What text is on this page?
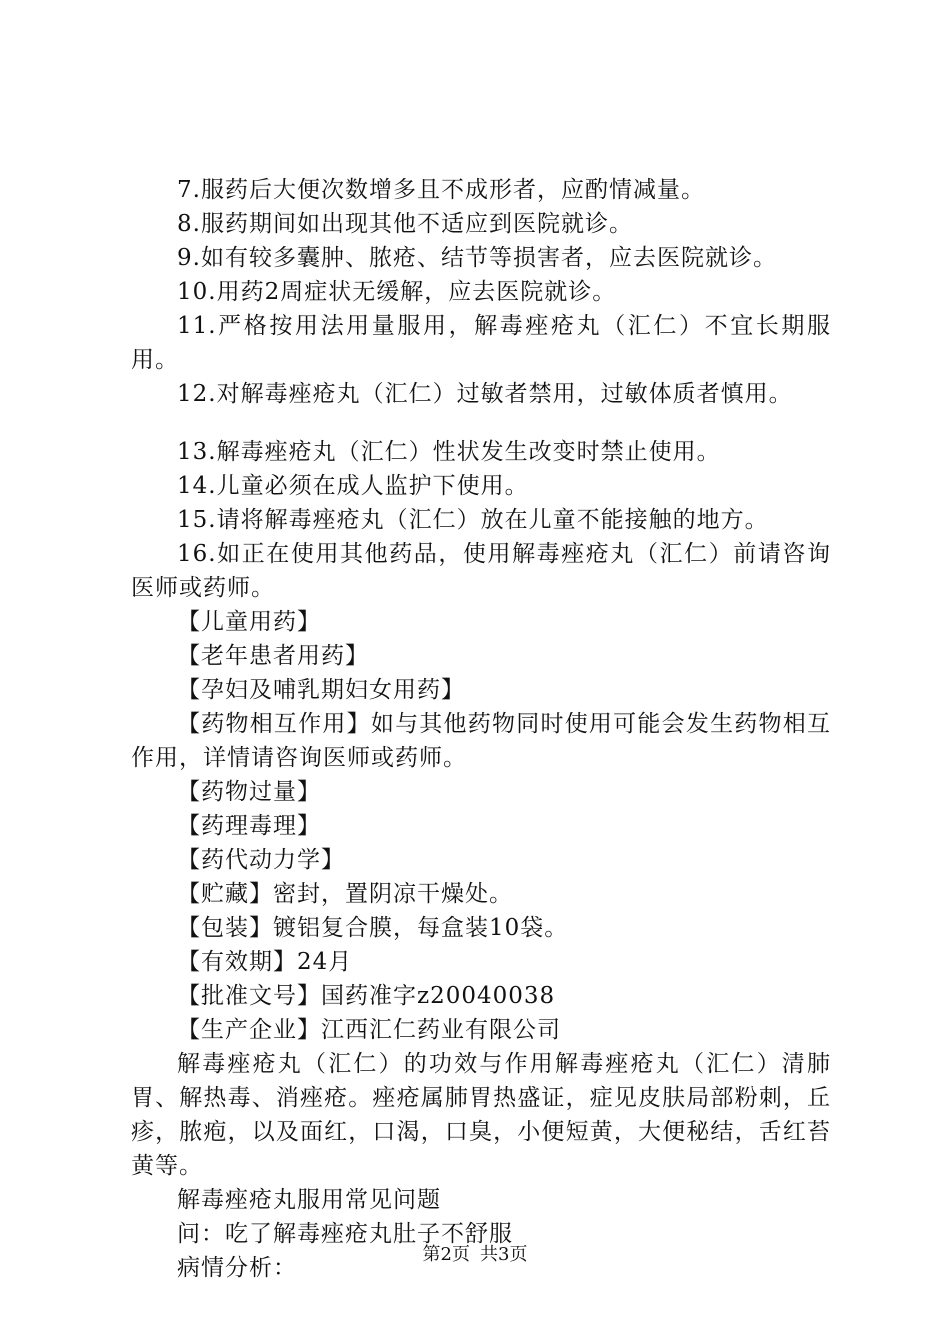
7.服药后大便次数增多且不成形者，应酌情减量。

8.服药期间如出现其他不适应到医院就诊。

9.如有较多囊肿、脓疮、结节等损害者，应去医院就诊。

10.用药2周症状无缓解，应去医院就诊。

11.严格按用法用量服用，解毒痤疮丸（汇仁）不宜长期服用。

12.对解毒痤疮丸（汇仁）过敏者禁用，过敏体质者慎用。

13.解毒痤疮丸（汇仁）性状发生改变时禁止使用。

14.儿童必须在成人监护下使用。

15.请将解毒痤疮丸（汇仁）放在儿童不能接触的地方。

16.如正在使用其他药品，使用解毒痤疮丸（汇仁）前请咨询医师或药师。

【儿童用药】

【老年患者用药】

【孕妇及哺乳期妇女用药】

【药物相互作用】如与其他药物同时使用可能会发生药物相互作用，详情请咨询医师或药师。

【药物过量】

【药理毒理】

【药代动力学】

【贮藏】密封，置阴凉干燥处。

【包装】镀铝复合膜，每盒装10袋。

【有效期】24月

【批准文号】国药准字z20040038

【生产企业】江西汇仁药业有限公司

解毒痤疮丸（汇仁）的功效与作用解毒痤疮丸（汇仁）清肺胃、解热毒、消痤疮。痤疮属肺胃热盛证，症见皮肤局部粉刺，丘疹，脓疱，以及面红，口渴，口臭，小便短黄，大便秘结，舌红苔黄等。

解毒痤疮丸服用常见问题

问：吃了解毒痤疮丸肚子不舒服

病情分析：

第2页 共3页
